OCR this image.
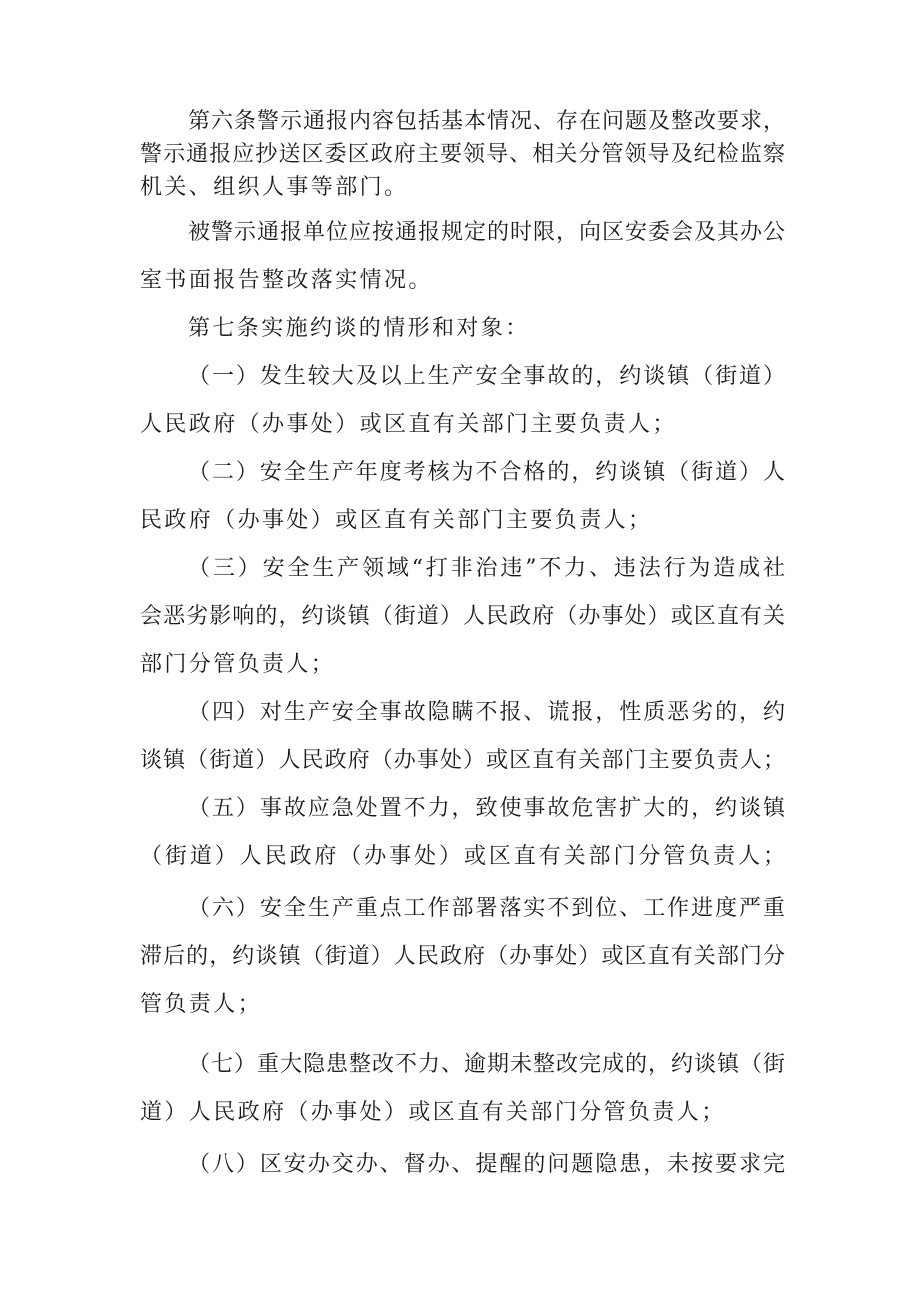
第六条警示通报内容包括基本情况、存在问题及整改要求，
警示通报应抄送区委区政府主要领导、相关分管领导及纪检监察
机关、组织人事等部门。
被警示通报单位应按通报规定的时限，向区安委会及其办公
室书面报告整改落实情况。
第七条实施约谈的情形和对象：
（一）发生较大及以上生产安全事故的，约谈镇（街道）
人民政府（办事处）或区直有关部门主要负责人；
（二）安全生产年度考核为不合格的，约谈镇（街道）人
民政府（办事处）或区直有关部门主要负责人；
（三）安全生产领域“打非治违”不力、违法行为造成社
会恶劣影响的，约谈镇（街道）人民政府（办事处）或区直有关
部门分管负责人；
（四）对生产安全事故隐瞒不报、谎报，性质恶劣的，约
谈镇（街道）人民政府（办事处）或区直有关部门主要负责人；
（五）事故应急处置不力，致使事故危害扩大的，约谈镇
（街道）人民政府（办事处）或区直有关部门分管负责人；
（六）安全生产重点工作部署落实不到位、工作进度严重
滞后的，约谈镇（街道）人民政府（办事处）或区直有关部门分
管负责人；
（七）重大隐患整改不力、逾期未整改完成的，约谈镇（街
道）人民政府（办事处）或区直有关部门分管负责人；
（八）区安办交办、督办、提醒的问题隐患，未按要求完
